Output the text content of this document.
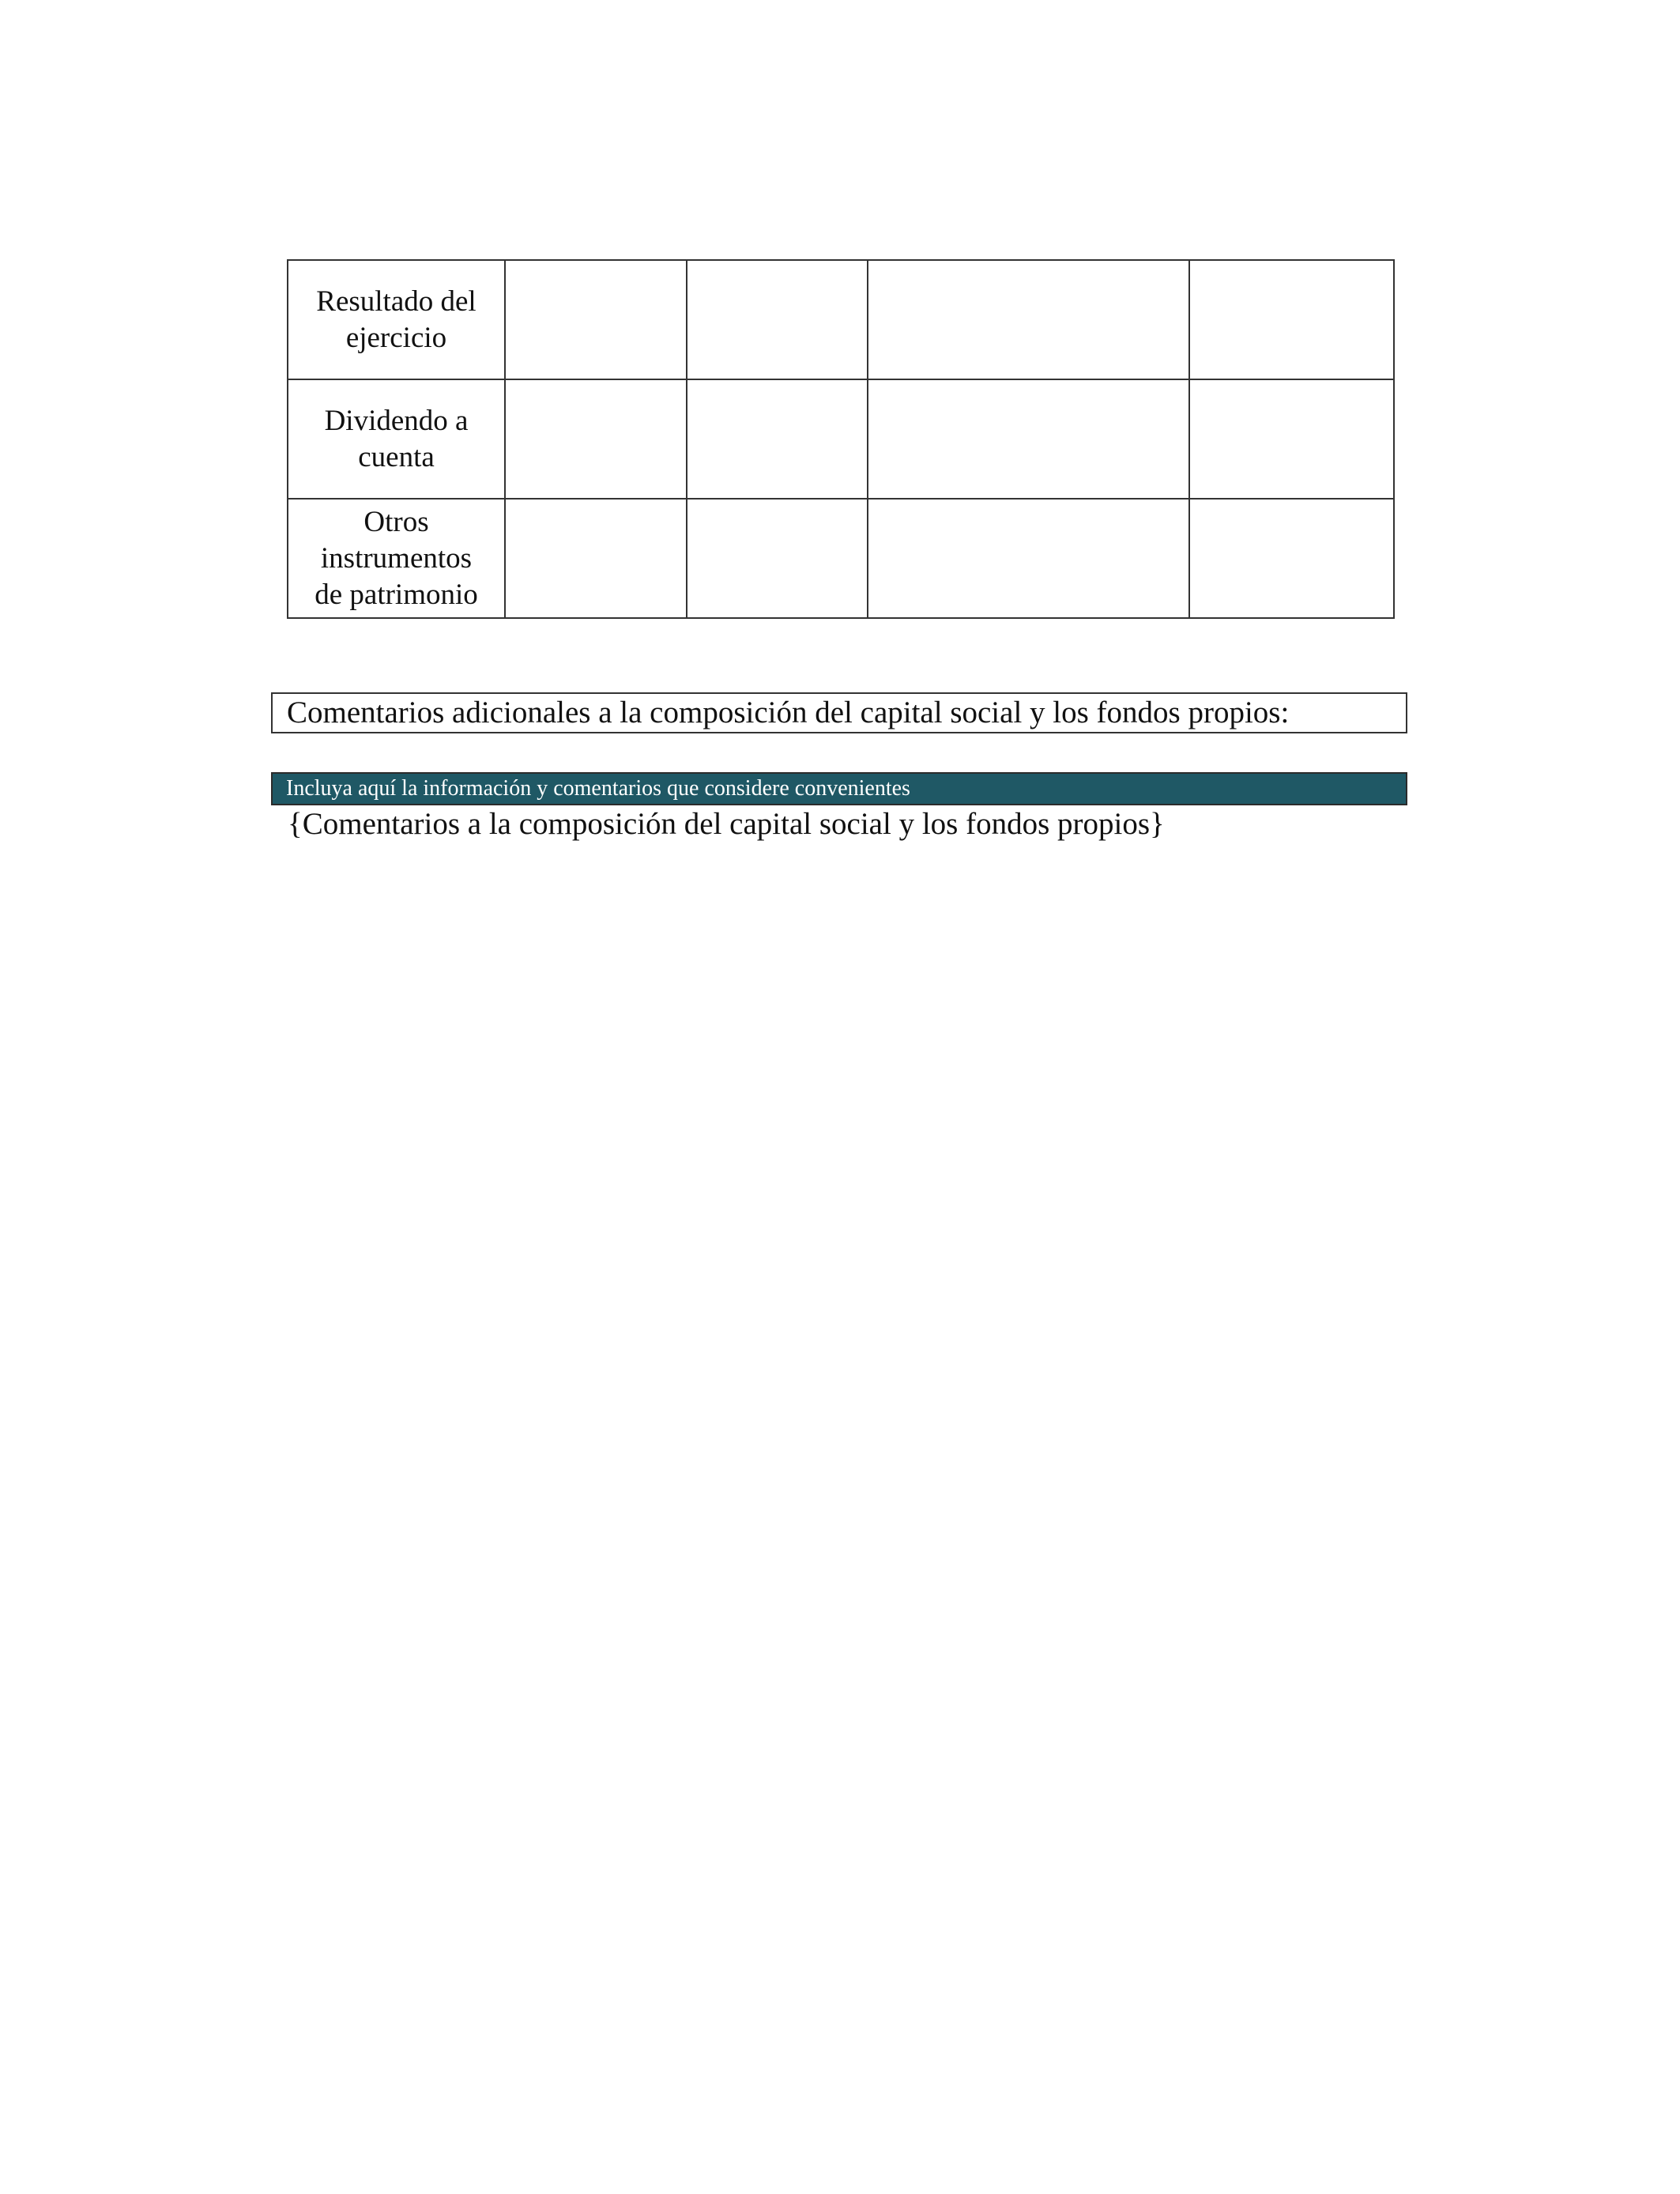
Resultado del
ejercicio				

Dividendo a
cuenta				

Otros
instrumentos
de patrimonio				

Comentarios adicionales a la composición del capital social y los fondos propios:
Incluya aquí la información y comentarios que considere convenientes
{Comentarios a la composición del capital social y los fondos propios}
